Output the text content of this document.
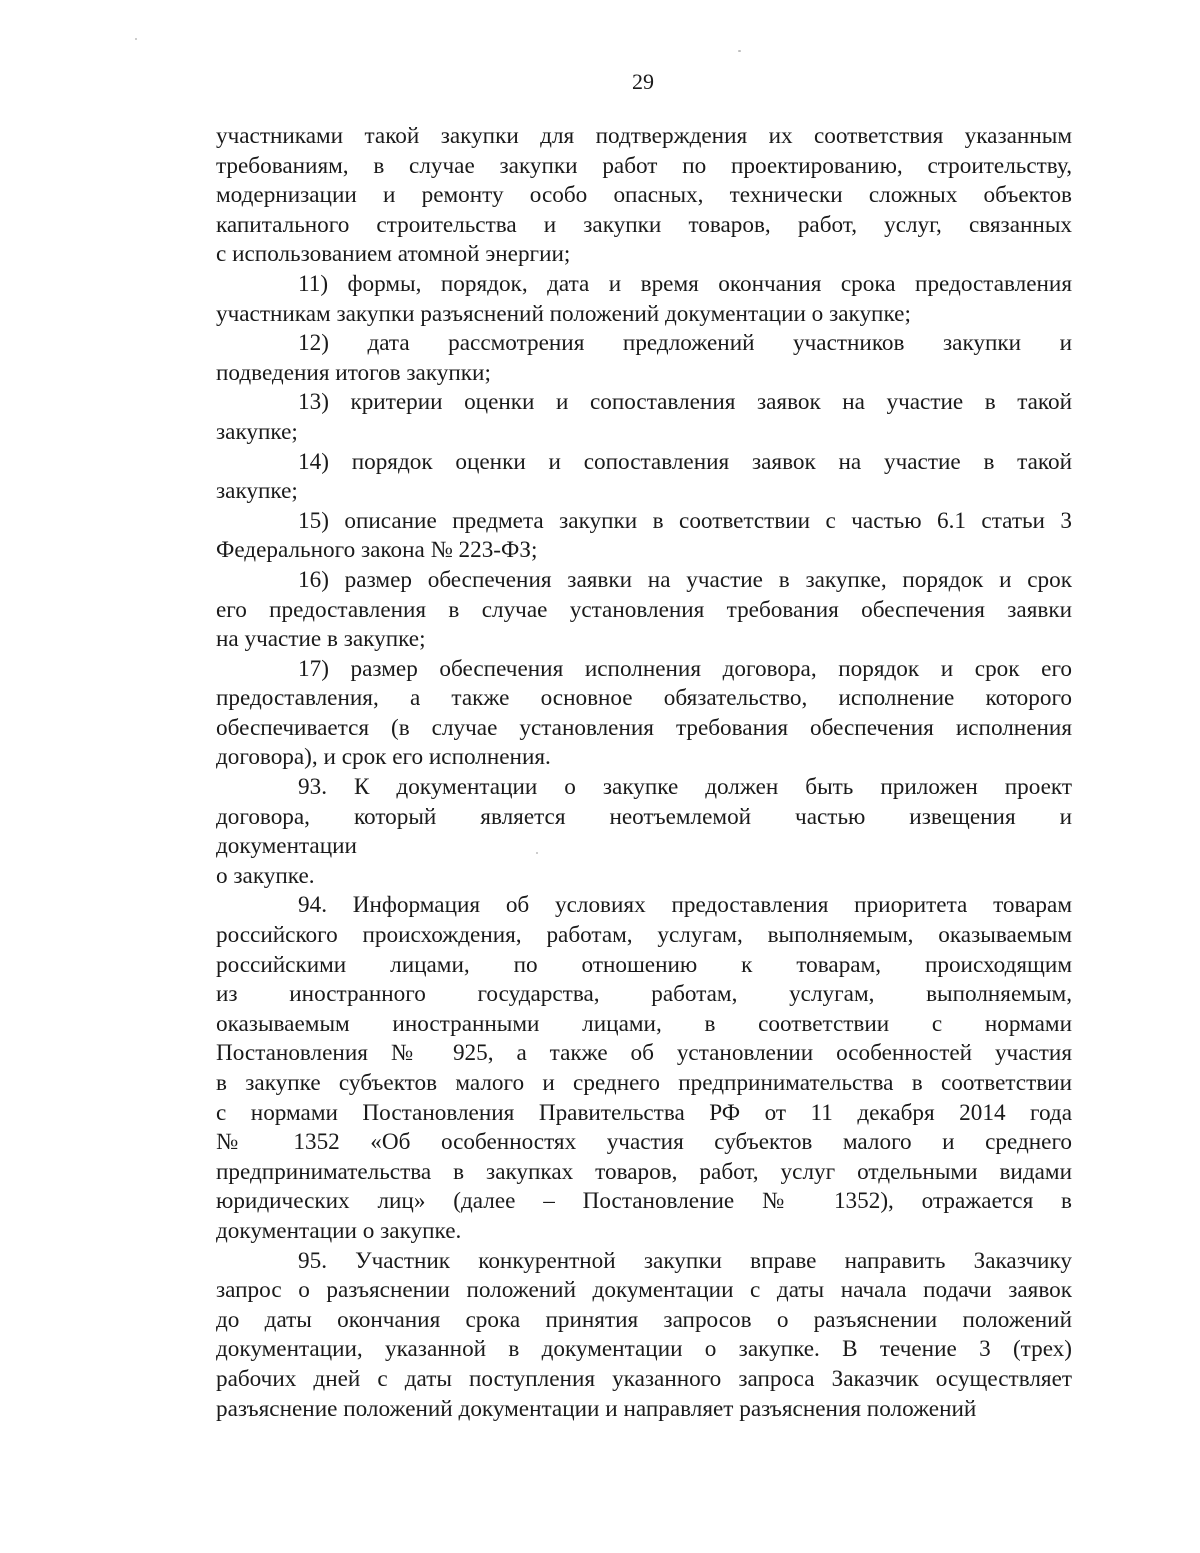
29
участниками такой закупки для подтверждения их соответствия указанным
требованиям, в случае закупки работ по проектированию, строительству,
модернизации и ремонту особо опасных, технически сложных объектов
капитального строительства и закупки товаров, работ, услуг, связанных
с использованием атомной энергии;
11) формы, порядок, дата и время окончания срока предоставления
участникам закупки разъяснений положений документации о закупке;
12) дата рассмотрения предложений участников закупки и
подведения итогов закупки;
13) критерии оценки и сопоставления заявок на участие в такой
закупке;
14) порядок оценки и сопоставления заявок на участие в такой
закупке;
15) описание предмета закупки в соответствии с частью 6.1 статьи 3
Федерального закона № 223-ФЗ;
16) размер обеспечения заявки на участие в закупке, порядок и срок
его предоставления в случае установления требования обеспечения заявки
на участие в закупке;
17) размер обеспечения исполнения договора, порядок и срок его
предоставления, а также основное обязательство, исполнение которого
обеспечивается (в случае установления требования обеспечения исполнения
договора), и срок его исполнения.
93. К документации о закупке должен быть приложен проект
договора, который является неотъемлемой частью извещения и
документации
о закупке.
94. Информация об условиях предоставления приоритета товарам
российского происхождения, работам, услугам, выполняемым, оказываемым
российскими лицами, по отношению к товарам, происходящим
из иностранного государства, работам, услугам, выполняемым,
оказываемым иностранными лицами, в соответствии с нормами
Постановления № 925, а также об установлении особенностей участия
в закупке субъектов малого и среднего предпринимательства в соответствии
с нормами Постановления Правительства РФ от 11 декабря 2014 года
№ 1352 «Об особенностях участия субъектов малого и среднего
предпринимательства в закупках товаров, работ, услуг отдельными видами
юридических лиц» (далее – Постановление № 1352), отражается в
документации о закупке.
95. Участник конкурентной закупки вправе направить Заказчику
запрос о разъяснении положений документации с даты начала подачи заявок
до даты окончания срока принятия запросов о разъяснении положений
документации, указанной в документации о закупке. В течение 3 (трех)
рабочих дней с даты поступления указанного запроса Заказчик осуществляет
разъяснение положений документации и направляет разъяснения положений
